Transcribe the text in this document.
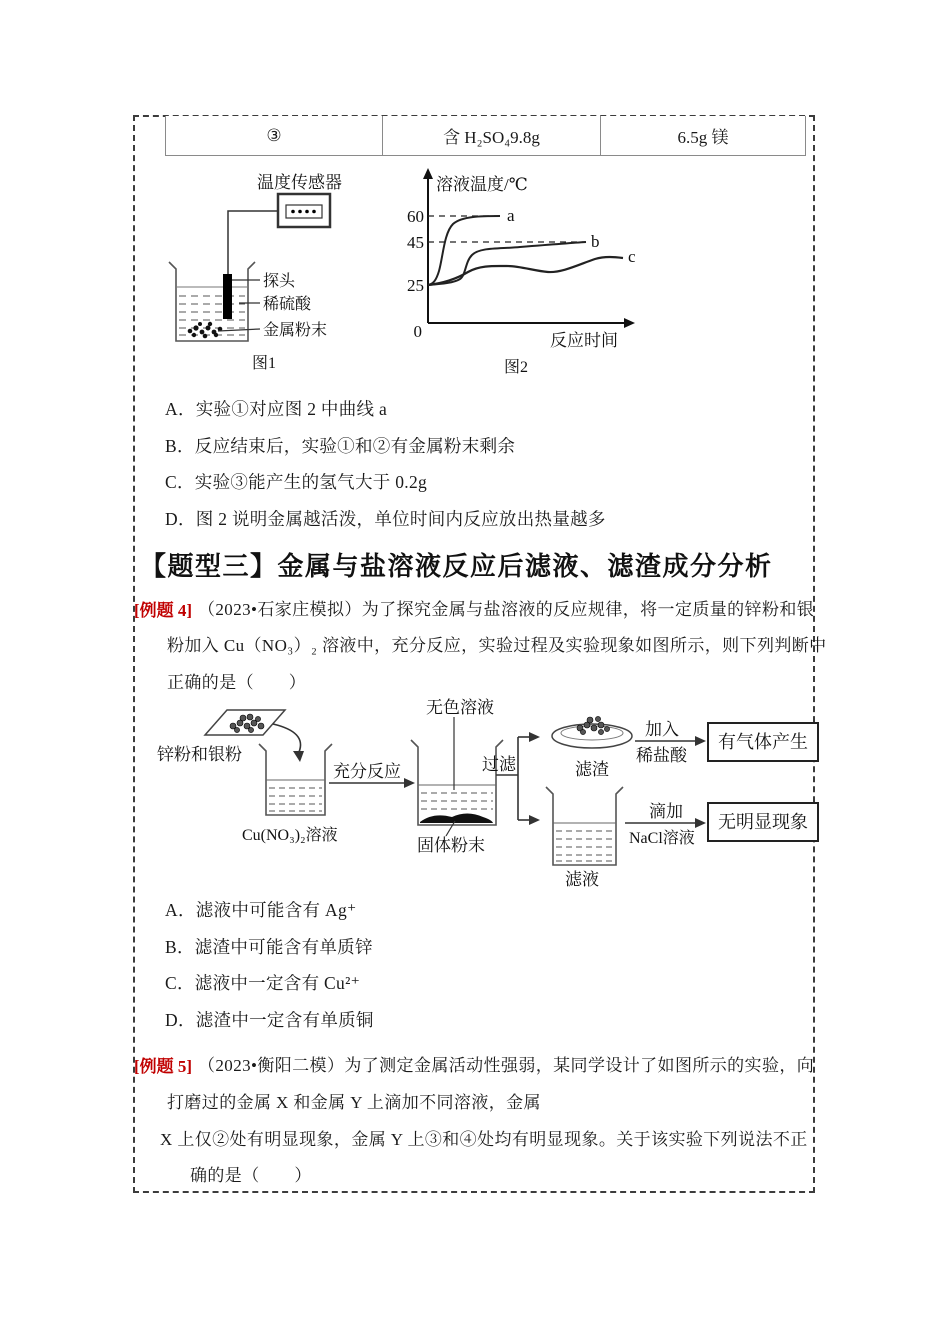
③	含 H₂SO₄9.8g	6.5g 镁
温度传感器
探头
稀硫酸
金属粉末
图1
溶液温度/℃
反应时间
0
60
45
25
a
b
c
图2
A．实验①对应图 2 中曲线 a
B．反应结束后，实验①和②有金属粉末剩余
C．实验③能产生的氢气大于 0.2g
D．图 2 说明金属越活泼，单位时间内反应放出热量越多
【题型三】金属与盐溶液反应后滤液、滤渣成分分析
[例题 4] （2023•石家庄模拟）为了探究金属与盐溶液的反应规律，将一定质量的锌粉和银
粉加入 Cu（NO₃）₂ 溶液中，充分反应，实验过程及实验现象如图所示，则下列判断中
正确的是（　　）
锌粉和银粉
Cu(NO₃)₂溶液
充分反应
无色溶液
固体粉末
过滤	滤渣
加入
稀盐酸
有气体产生
滤液
滴加
NaCl溶液
无明显现象
A．滤液中可能含有 Ag⁺
B．滤渣中可能含有单质锌
C．滤液中一定含有 Cu²⁺
D．滤渣中一定含有单质铜
[例题 5] （2023•衡阳二模）为了测定金属活动性强弱，某同学设计了如图所示的实验，向
打磨过的金属 X 和金属 Y 上滴加不同溶液，金属
X 上仅②处有明显现象，金属 Y 上③和④处均有明显现象。关于该实验下列说法不正
确的是（　　）
